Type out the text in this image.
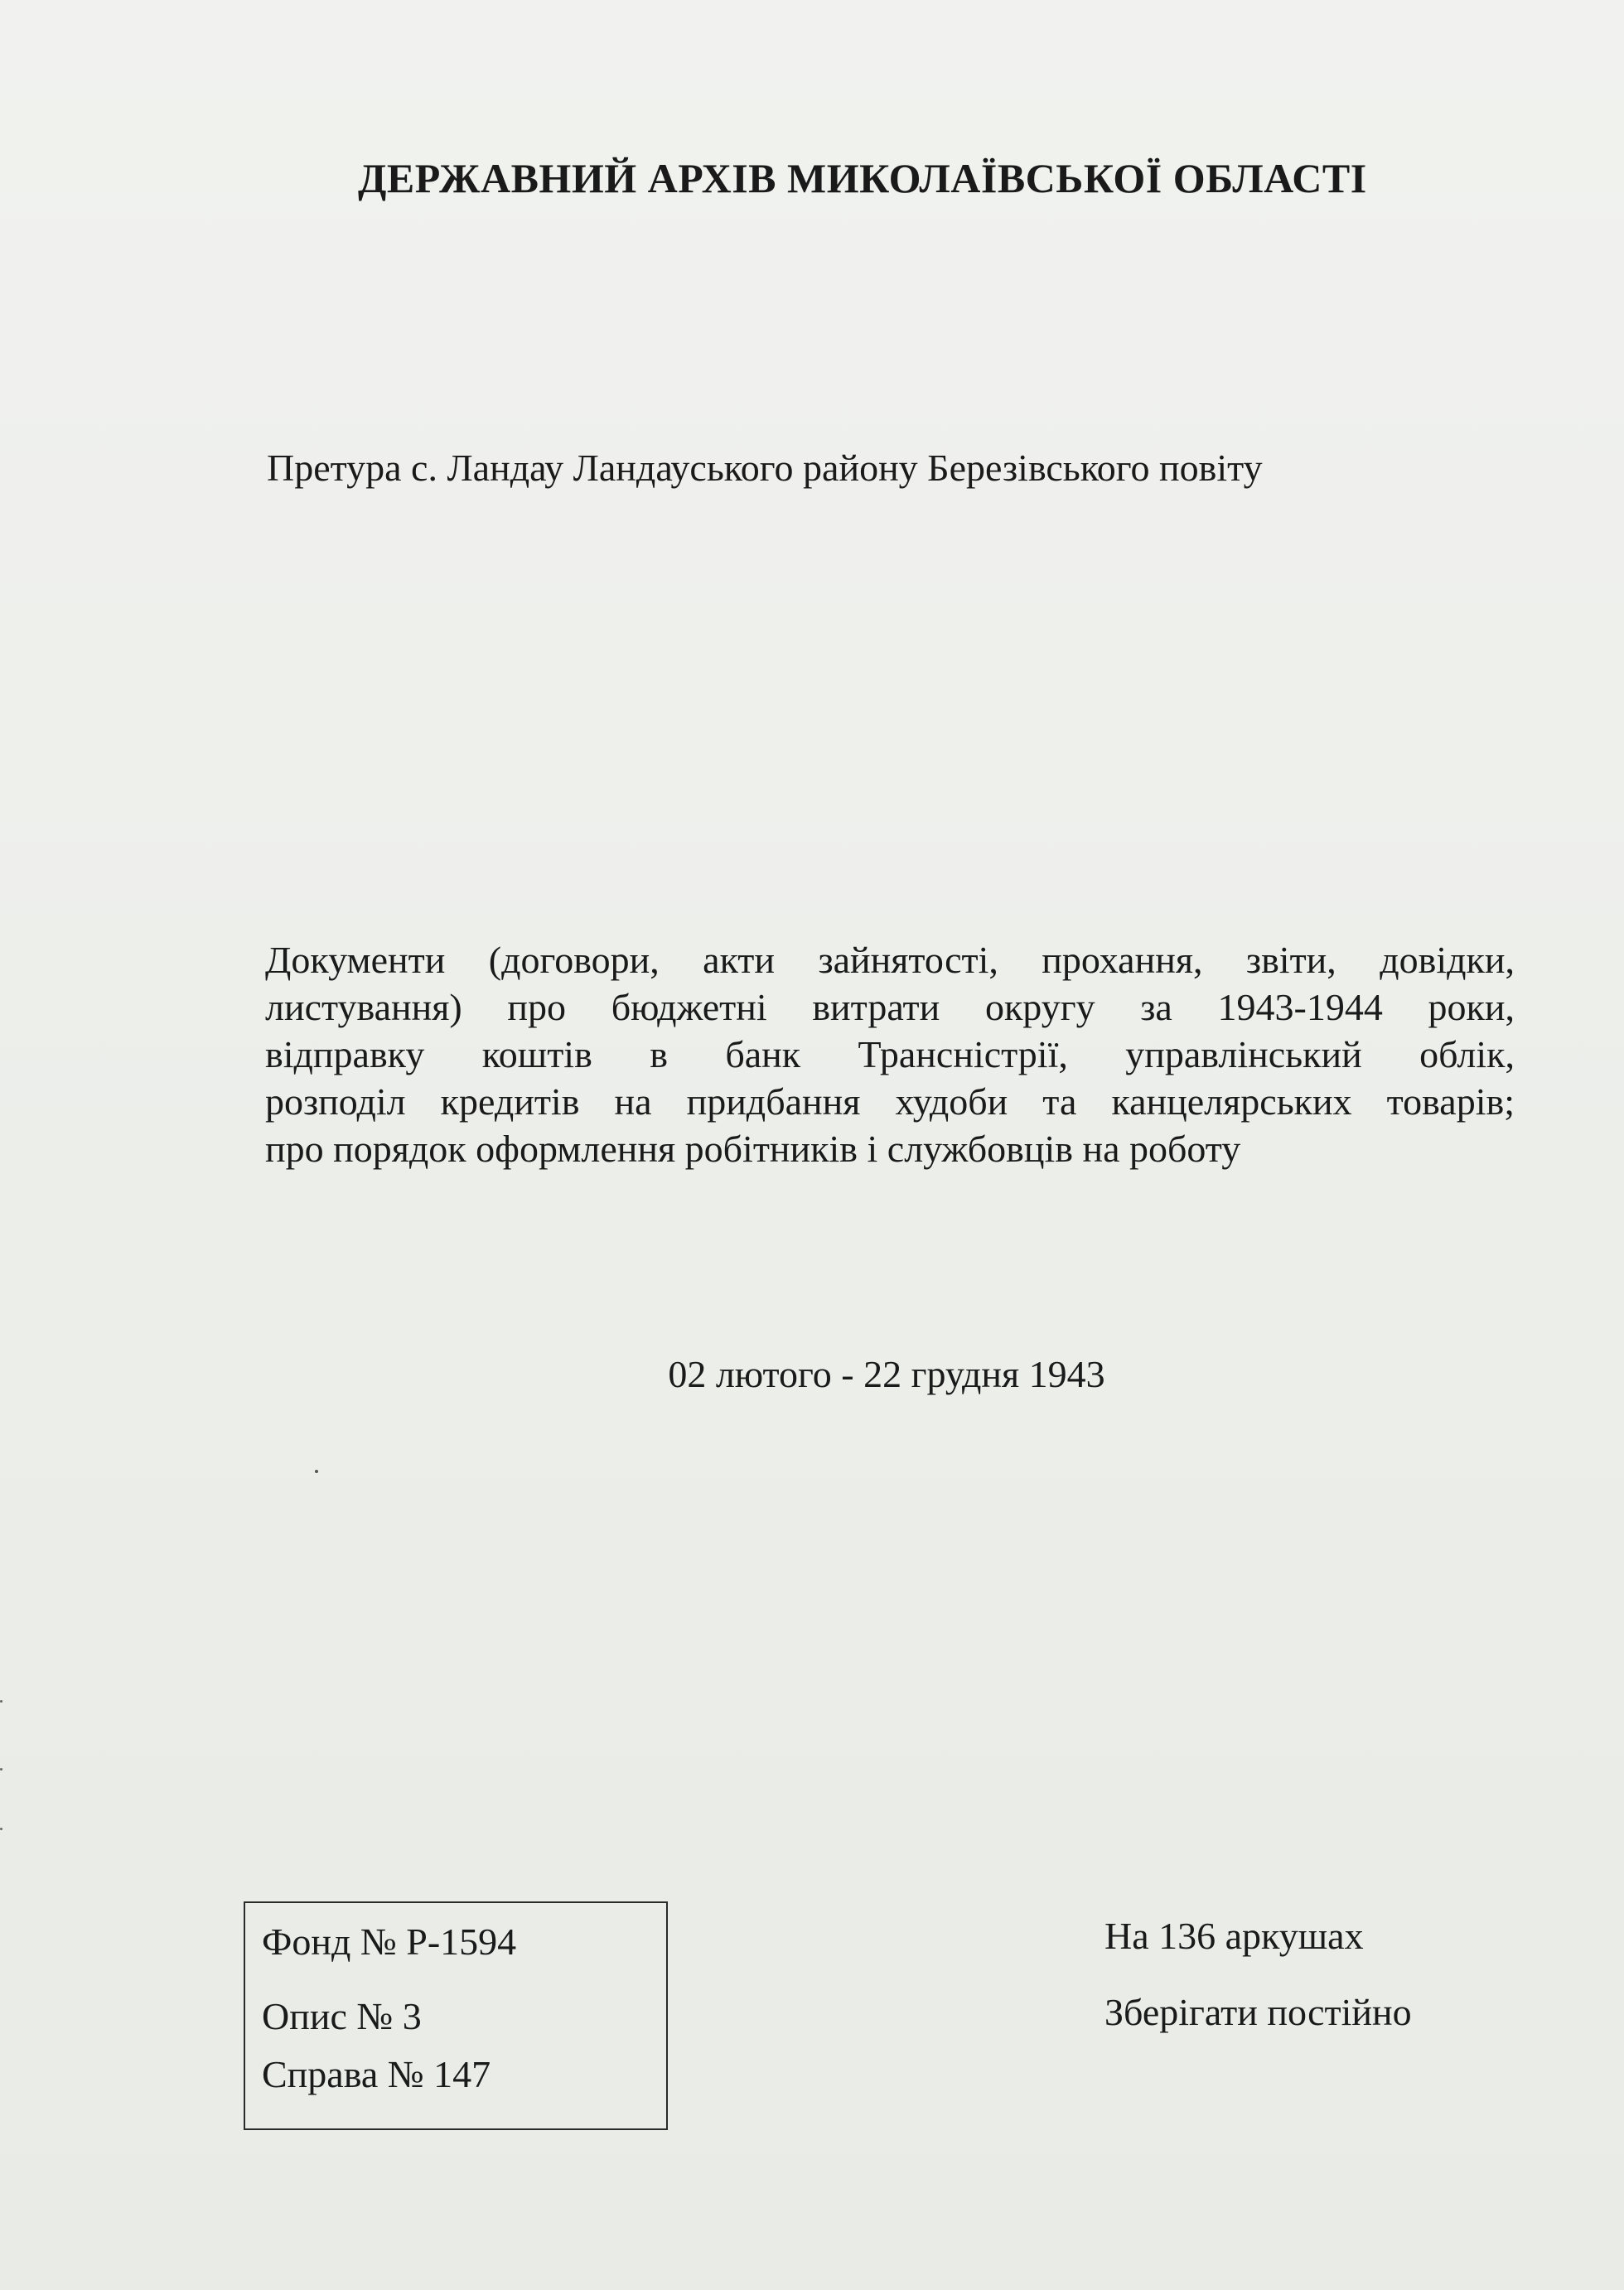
ДЕРЖАВНИЙ АРХІВ МИКОЛАЇВСЬКОЇ ОБЛАСТІ
Претура с. Ландау Ландауського району Березівського повіту
Документи (договори, акти зайнятості, прохання, звіти, довідки,
листування) про бюджетні витрати округу за 1943-1944 роки,
відправку коштів в банк Трансністрії, управлінський облік,
розподіл кредитів на придбання худоби та канцелярських товарів;
про порядок оформлення робітників і службовців на роботу
02 лютого - 22 грудня 1943
Фонд № Р-1594
Опис № 3
Справа № 147
На 136 аркушах
Зберігати постійно
